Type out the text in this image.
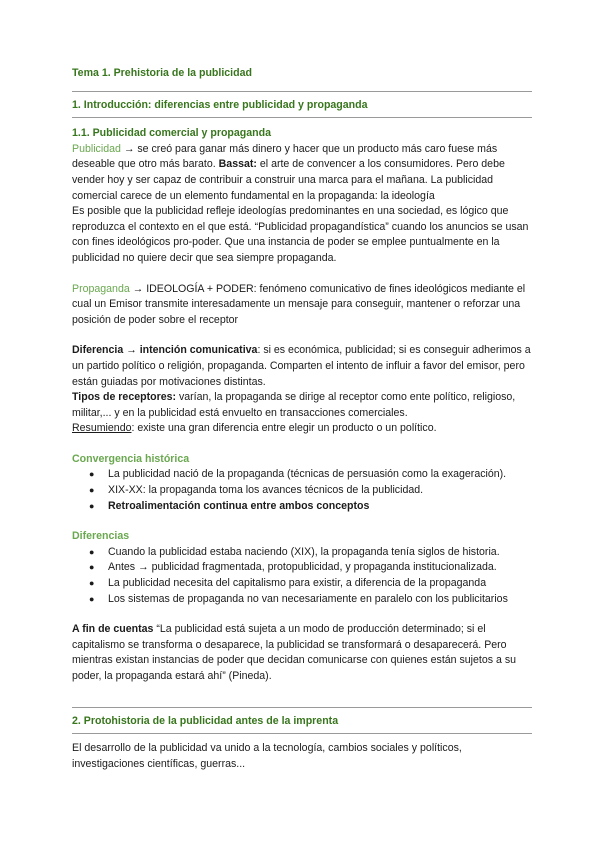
Tema 1. Prehistoria de la publicidad

1. Introducción: diferencias entre publicidad y propaganda

1.1. Publicidad comercial y propaganda

Publicidad → se creó para ganar más dinero y hacer que un producto más caro fuese más deseable que otro más barato. Bassat: el arte de convencer a los consumidores. Pero debe vender hoy y ser capaz de contribuir a construir una marca para el mañana. La publicidad comercial carece de un elemento fundamental en la propaganda: la ideología

Es posible que la publicidad refleje ideologías predominantes en una sociedad, es lógico que reproduzca el contexto en el que está. “Publicidad propagandística” cuando los anuncios se usan con fines ideológicos pro-poder. Que una instancia de poder se emplee puntualmente en la publicidad no quiere decir que sea siempre propaganda.

Propaganda → IDEOLOGÍA + PODER: fenómeno comunicativo de fines ideológicos mediante el cual un Emisor transmite interesadamente un mensaje para conseguir, mantener o reforzar una posición de poder sobre el receptor

Diferencia → intención comunicativa: si es económica, publicidad; si es conseguir adherimos a un partido político o religión, propaganda. Comparten el intento de influir a favor del emisor, pero están guiadas por motivaciones distintas.

Tipos de receptores: varían, la propaganda se dirige al receptor como ente político, religioso, militar,... y en la publicidad está envuelto en transacciones comerciales.

Resumiendo: existe una gran diferencia entre elegir un producto o un político.

Convergencia histórica

● La publicidad nació de la propaganda (técnicas de persuasión como la exageración).
● XIX-XX: la propaganda toma los avances técnicos de la publicidad.
● Retroalimentación continua entre ambos conceptos

Diferencias

● Cuando la publicidad estaba naciendo (XIX), la propaganda tenía siglos de historia.
● Antes → publicidad fragmentada, protopublicidad, y propaganda institucionalizada.
● La publicidad necesita del capitalismo para existir, a diferencia de la propaganda
● Los sistemas de propaganda no van necesariamente en paralelo con los publicitarios

A fin de cuentas “La publicidad está sujeta a un modo de producción determinado; si el capitalismo se transforma o desaparece, la publicidad se transformará o desaparecerá. Pero mientras existan instancias de poder que decidan comunicarse con quienes están sujetos a su poder, la propaganda estará ahí” (Pineda).

2. Protohistoria de la publicidad antes de la imprenta

El desarrollo de la publicidad va unido a la tecnología, cambios sociales y políticos, investigaciones científicas, guerras...
